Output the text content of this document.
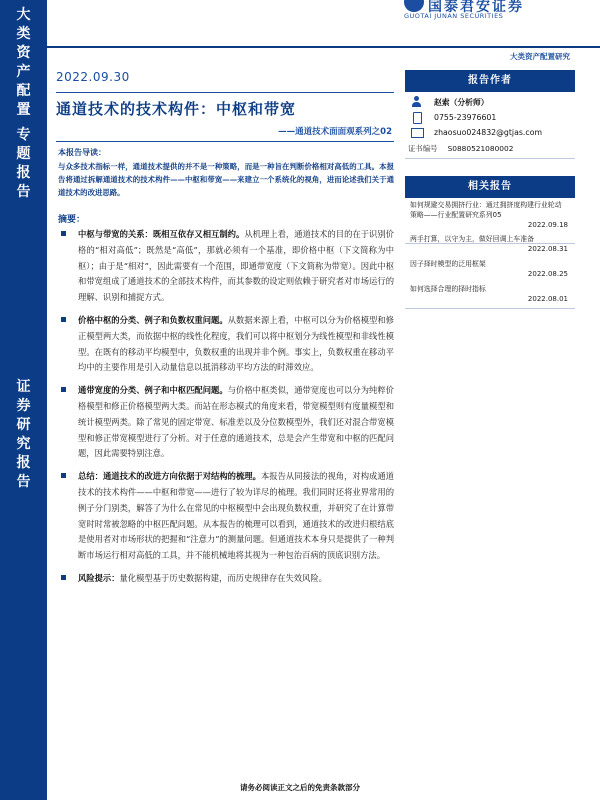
大
类
资
产
配
置
专
题
报
告
证
券
研
究
报
告
国泰君安证券
GUOTAI JUNAN SECURITIES
大类资产配置研究
2022.09.30
通道技术的技术构件：中枢和带宽
——通道技术面面观系列之02
本报告导读：
与众多技术指标一样，通道技术提供的并不是一种策略，而是一种旨在判断价格相对高低的工具。本报告将通过拆解通道技术的技术构件——中枢和带宽——来建立一个系统化的视角，进而论述我们关于通道技术的改进思路。
摘要：
中枢与带宽的关系：既相互依存又相互制约。从机理上看，通道技术的目的在于识别价格的“相对高低”；既然是“高低”，那就必须有一个基准，即价格中枢（下文简称为中枢）；由于是“相对”，因此需要有一个范围，即通带宽度（下文简称为带宽）。因此中枢和带宽组成了通道技术的全部技术构件，而其参数的设定则依赖于研究者对市场运行的理解、识别和捕捉方式。
价格中枢的分类、例子和负数权重问题。从数据来源上看，中枢可以分为价格模型和修正模型两大类，而依据中枢的线性化程度，我们可以将中枢划分为线性模型和非线性模型。在既有的移动平均模型中，负数权重的出现并非个例。事实上，负数权重在移动平均中的主要作用是引入动量信息以抵消移动平均方法的时滞效应。
通带宽度的分类、例子和中枢匹配问题。与价格中枢类似，通带宽度也可以分为纯粹价格模型和修正价格模型两大类。而站在形态模式的角度来看，带宽模型则有度量模型和统计模型两类。除了常见的固定带宽、标准差以及分位数模型外，我们还对混合带宽模型和修正带宽模型进行了分析。对于任意的通道技术，总是会产生带宽和中枢的匹配问题，因此需要特别注意。
总结：通道技术的改进方向依据于对结构的梳理。本报告从同接法的视角，对构成通道技术的技术构件——中枢和带宽——进行了较为详尽的梳理。我们同时还将业界常用的例子分门别类，解答了为什么在常见的中枢模型中会出现负数权重，并研究了在计算带宽时时常被忽略的中枢匹配问题。从本报告的梳理可以看到，通道技术的改进归根结底是使用者对市场形状的把握和“注意力”的测量问题。但通道技术本身只是提供了一种判断市场运行相对高低的工具，并不能机械地将其视为一种包治百病的顶底识别方法。
风险提示：量化模型基于历史数据构建，而历史规律存在失效风险。
请务必阅读正文之后的免责条款部分
报告作者
赵索（分析师）
0755-23976601
zhaosuo024832@gtjas.com
证书编号 S0880521080002
相关报告
如何规避交易拥挤行业：通过拥挤度构建行业轮动策略——行业配置研究系列05
2022.09.18
两手打算，以守为主，做好回调上车准备
2022.08.31
因子择时模型的泛用框架
2022.08.25
如何选择合理的择时指标
2022.08.01
